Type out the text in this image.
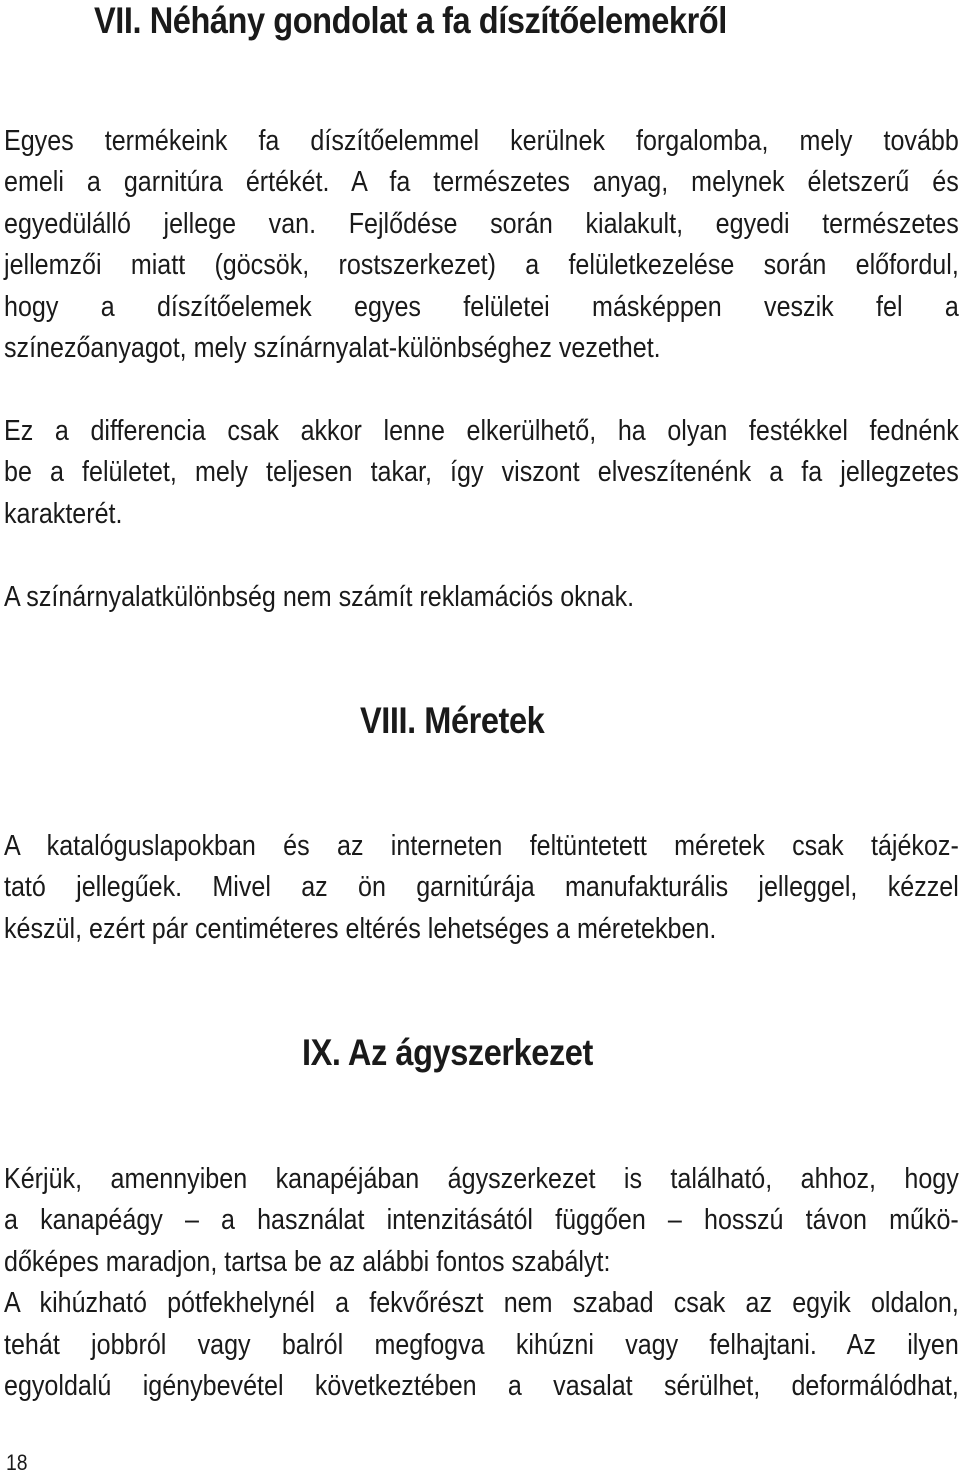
VII. Néhány gondolat a fa díszítőelemekről
Egyes termékeink fa díszítőelemmel kerülnek forgalomba, mely tovább
emeli a garnitúra értékét. A fa természetes anyag, melynek életszerű és
egyedülálló jellege van. Fejlődése során kialakult, egyedi természetes
jellemzői miatt (göcsök, rostszerkezet) a felületkezelése során előfordul,
hogy a díszítőelemek egyes felületei másképpen veszik fel a
színezőanyagot, mely színárnyalat-különbséghez vezethet.
Ez a differencia csak akkor lenne elkerülhető, ha olyan festékkel fednénk
be a felületet, mely teljesen takar, így viszont elveszítenénk a fa jellegzetes
karakterét.
A színárnyalatkülönbség nem számít reklamációs oknak.
VIII. Méretek
A katalóguslapokban és az interneten feltüntetett méretek csak tájékoz-
tató jellegűek. Mivel az ön garnitúrája manufakturális jelleggel, kézzel
készül, ezért pár centiméteres eltérés lehetséges a méretekben.
IX. Az ágyszerkezet
Kérjük, amennyiben kanapéjában ágyszerkezet is található, ahhoz, hogy
a kanapéágy – a használat intenzitásától függően – hosszú távon műkö-
dőképes maradjon, tartsa be az alábbi fontos szabályt:
A kihúzható pótfekhelynél a fekvőrészt nem szabad csak az egyik oldalon,
tehát jobbról vagy balról megfogva kihúzni vagy felhajtani. Az ilyen
egyoldalú igénybevétel következtében a vasalat sérülhet, deformálódhat,
18
